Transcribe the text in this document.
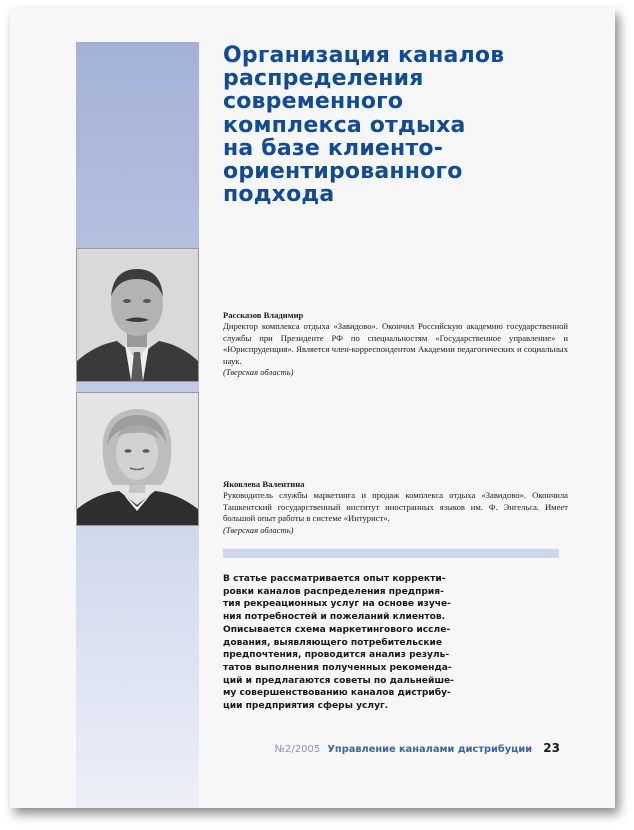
Организация каналов
распределения
современного
комплекса отдыха
на базе клиенто-
ориентированного
подхода
Рассказов Владимир
Директор комплекса отдыха «Завидово». Окончил Российскую академию государственной службы при Президенте РФ по специальностям «Государственное управление» и «Юриспруденция». Является член-корреспондентом Академии педагогических и социальных наук.
(Тверская область)
Яковлева Валентина
Руководитель службы маркетинга и продаж комплекса отдыха «Завидово». Окончила Ташкентский государственный институт иностранных языков им. Ф. Энгельса. Имеет большой опыт работы в системе «Интурист».
(Тверская область)
В статье рассматривается опыт корректи-
ровки каналов распределения предприя-
тия рекреационных услуг на основе изуче-
ния потребностей и пожеланий клиентов.
Описывается схема маркетингового иссле-
дования, выявляющего потребительские
предпочтения, проводится анализ резуль-
татов выполнения полученных рекоменда-
ций и предлагаются советы по дальнейше-
му совершенствованию каналов дистрибу-
ции предприятия сферы услуг.
№2/2005 Управление каналами дистрибуции 23
